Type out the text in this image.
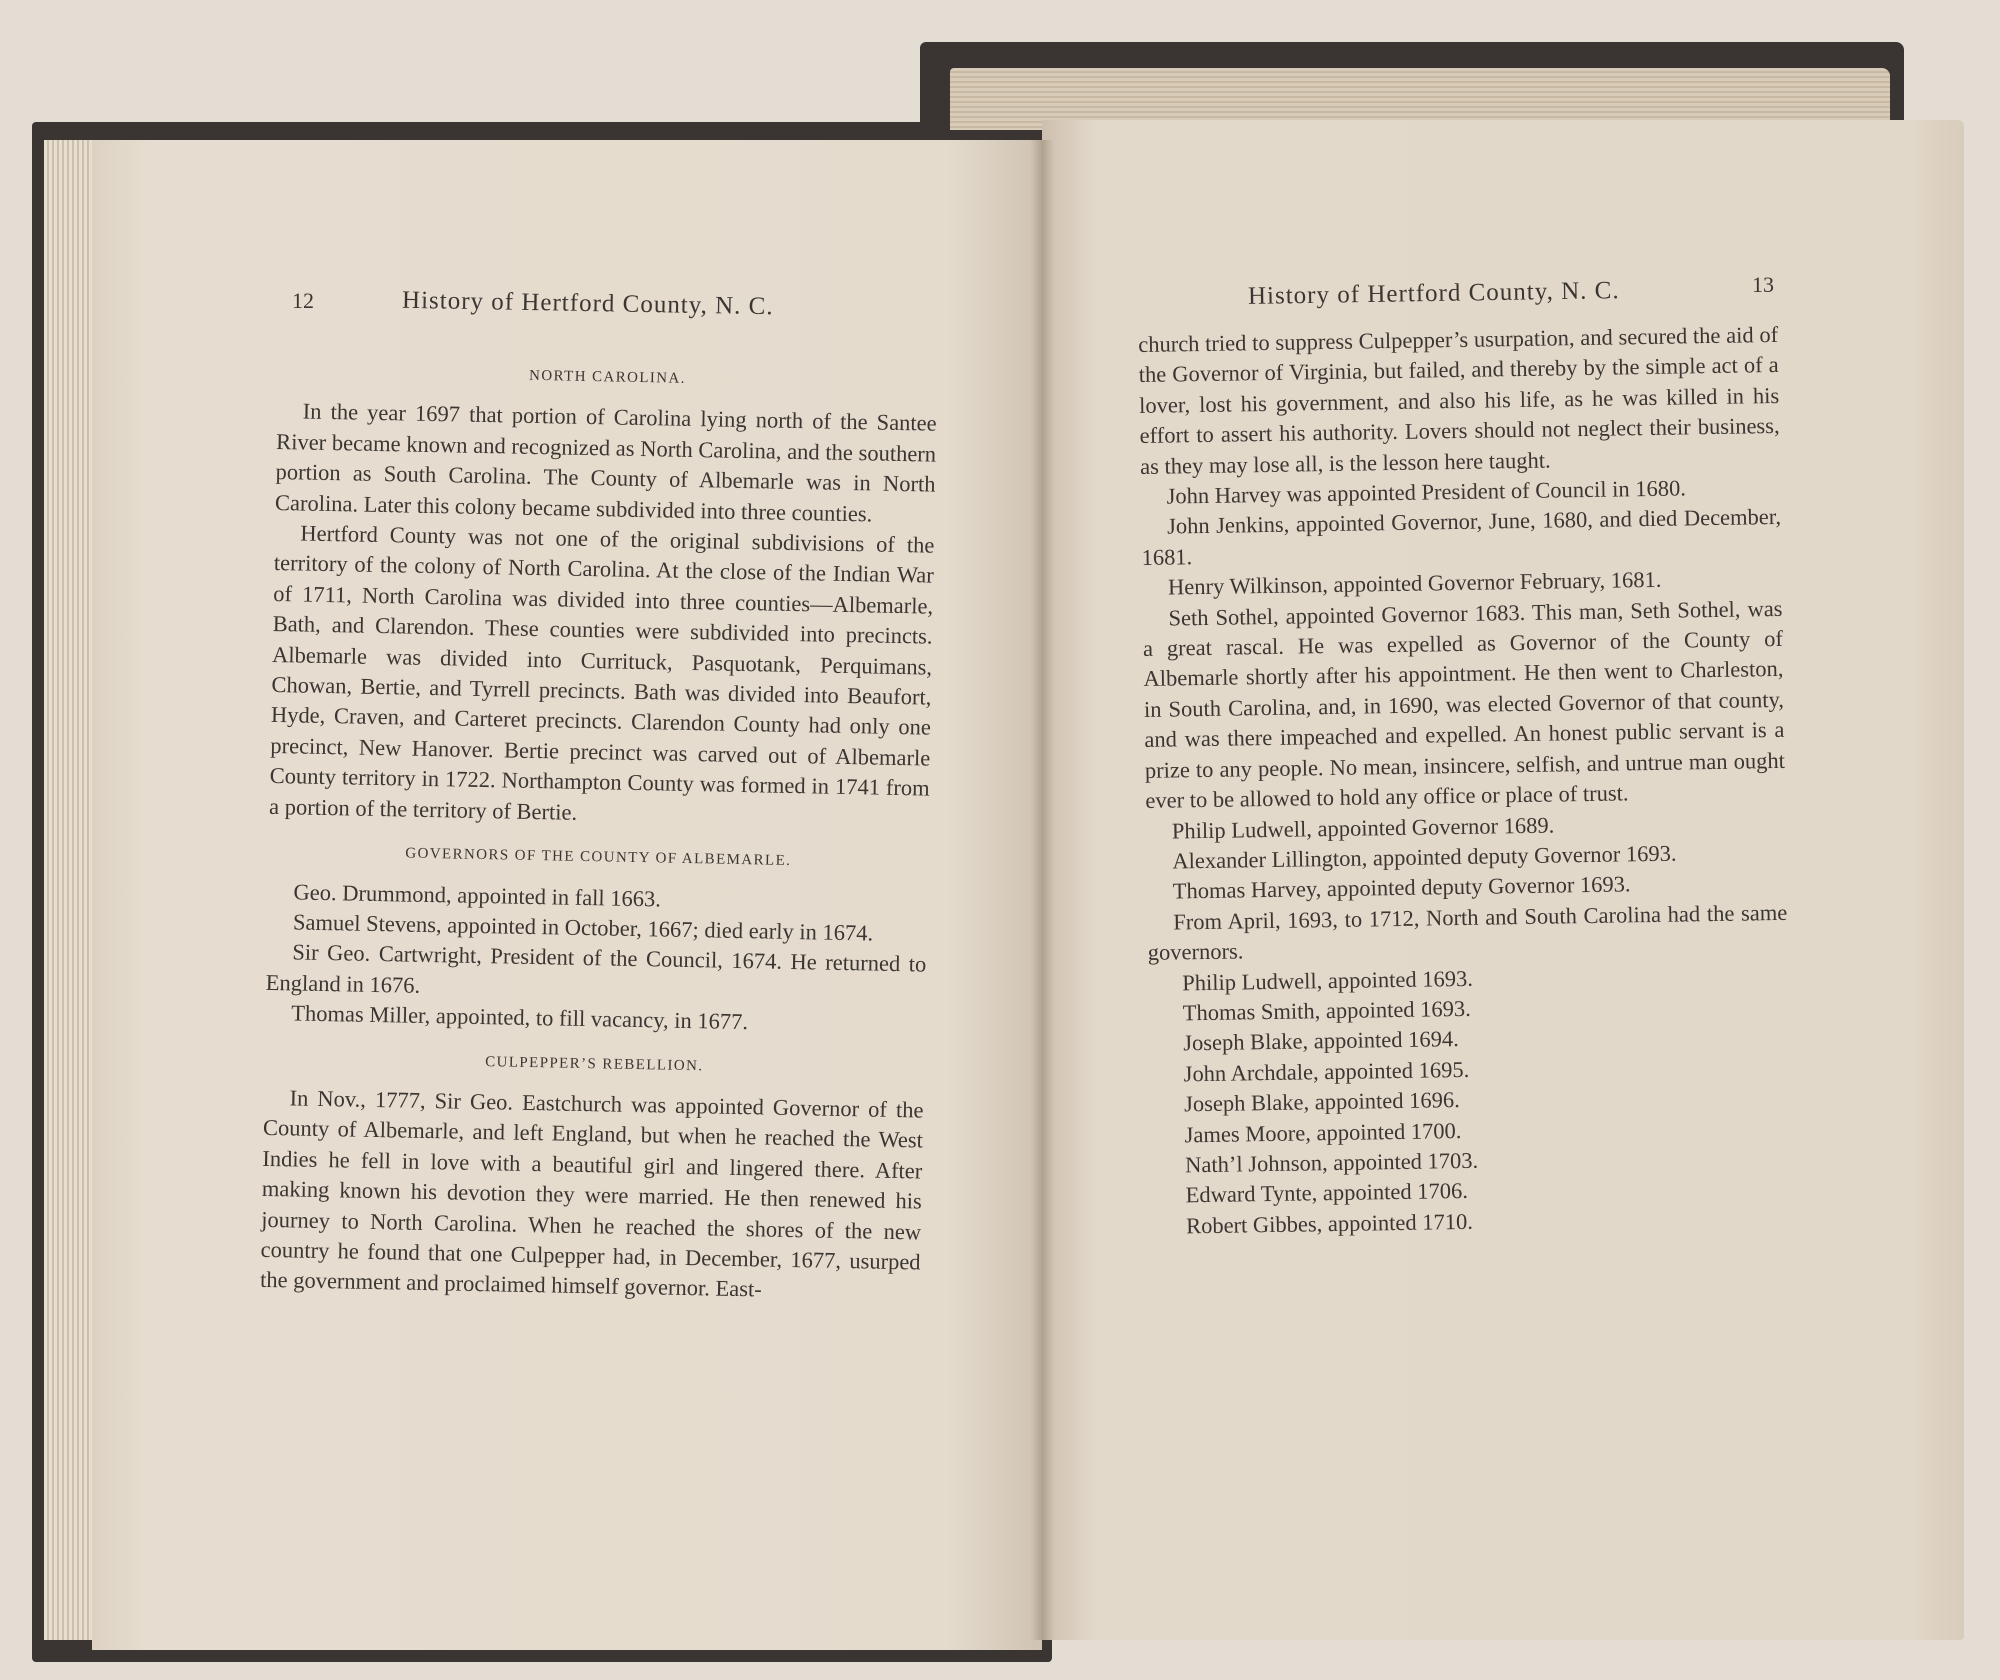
12	History of Hertford County, N. C.	History of Hertford County, N. C.	13
NORTH CAROLINA.

In the year 1697 that portion of Carolina lying north of the Santee River became known and recognized as North Carolina, and the southern portion as South Carolina. The County of Albemarle was in North Carolina. Later this colony became subdivided into three counties.

Hertford County was not one of the original subdivisions of the territory of the colony of North Carolina. At the close of the Indian War of 1711, North Carolina was divided into three counties—Albemarle, Bath, and Clarendon. These counties were subdivided into precincts. Albemarle was divided into Currituck, Pasquotank, Perquimans, Chowan, Bertie, and Tyrrell precincts. Bath was divided into Beaufort, Hyde, Craven, and Carteret precincts. Clarendon County had only one precinct, New Hanover. Bertie precinct was carved out of Albemarle County territory in 1722. Northampton County was formed in 1741 from a portion of the territory of Bertie.

GOVERNORS OF THE COUNTY OF ALBEMARLE.

Geo. Drummond, appointed in fall 1663.

Samuel Stevens, appointed in October, 1667; died early in 1674.

Sir Geo. Cartwright, President of the Council, 1674. He returned to England in 1676.

Thomas Miller, appointed, to fill vacancy, in 1677.

CULPEPPER’S REBELLION.

In Nov., 1777, Sir Geo. Eastchurch was appointed Governor of the County of Albemarle, and left England, but when he reached the West Indies he fell in love with a beautiful girl and lingered there. After making known his devotion they were married. He then renewed his journey to North Carolina. When he reached the shores of the new country he found that one Culpepper had, in December, 1677, usurped the government and proclaimed himself governor. East-

church tried to suppress Culpepper’s usurpation, and secured the aid of the Governor of Virginia, but failed, and thereby by the simple act of a lover, lost his government, and also his life, as he was killed in his effort to assert his authority. Lovers should not neglect their business, as they may lose all, is the lesson here taught.

John Harvey was appointed President of Council in 1680.

John Jenkins, appointed Governor, June, 1680, and died December, 1681.

Henry Wilkinson, appointed Governor February, 1681.

Seth Sothel, appointed Governor 1683. This man, Seth Sothel, was a great rascal. He was expelled as Governor of the County of Albemarle shortly after his appointment. He then went to Charleston, in South Carolina, and, in 1690, was elected Governor of that county, and was there impeached and expelled. An honest public servant is a prize to any people. No mean, insincere, selfish, and untrue man ought ever to be allowed to hold any office or place of trust.

Philip Ludwell, appointed Governor 1689.

Alexander Lillington, appointed deputy Governor 1693.

Thomas Harvey, appointed deputy Governor 1693.

From April, 1693, to 1712, North and South Carolina had the same governors.

Philip Ludwell, appointed 1693.

Thomas Smith, appointed 1693.

Joseph Blake, appointed 1694.

John Archdale, appointed 1695.

Joseph Blake, appointed 1696.

James Moore, appointed 1700.

Nath’l Johnson, appointed 1703.

Edward Tynte, appointed 1706.

Robert Gibbes, appointed 1710.
